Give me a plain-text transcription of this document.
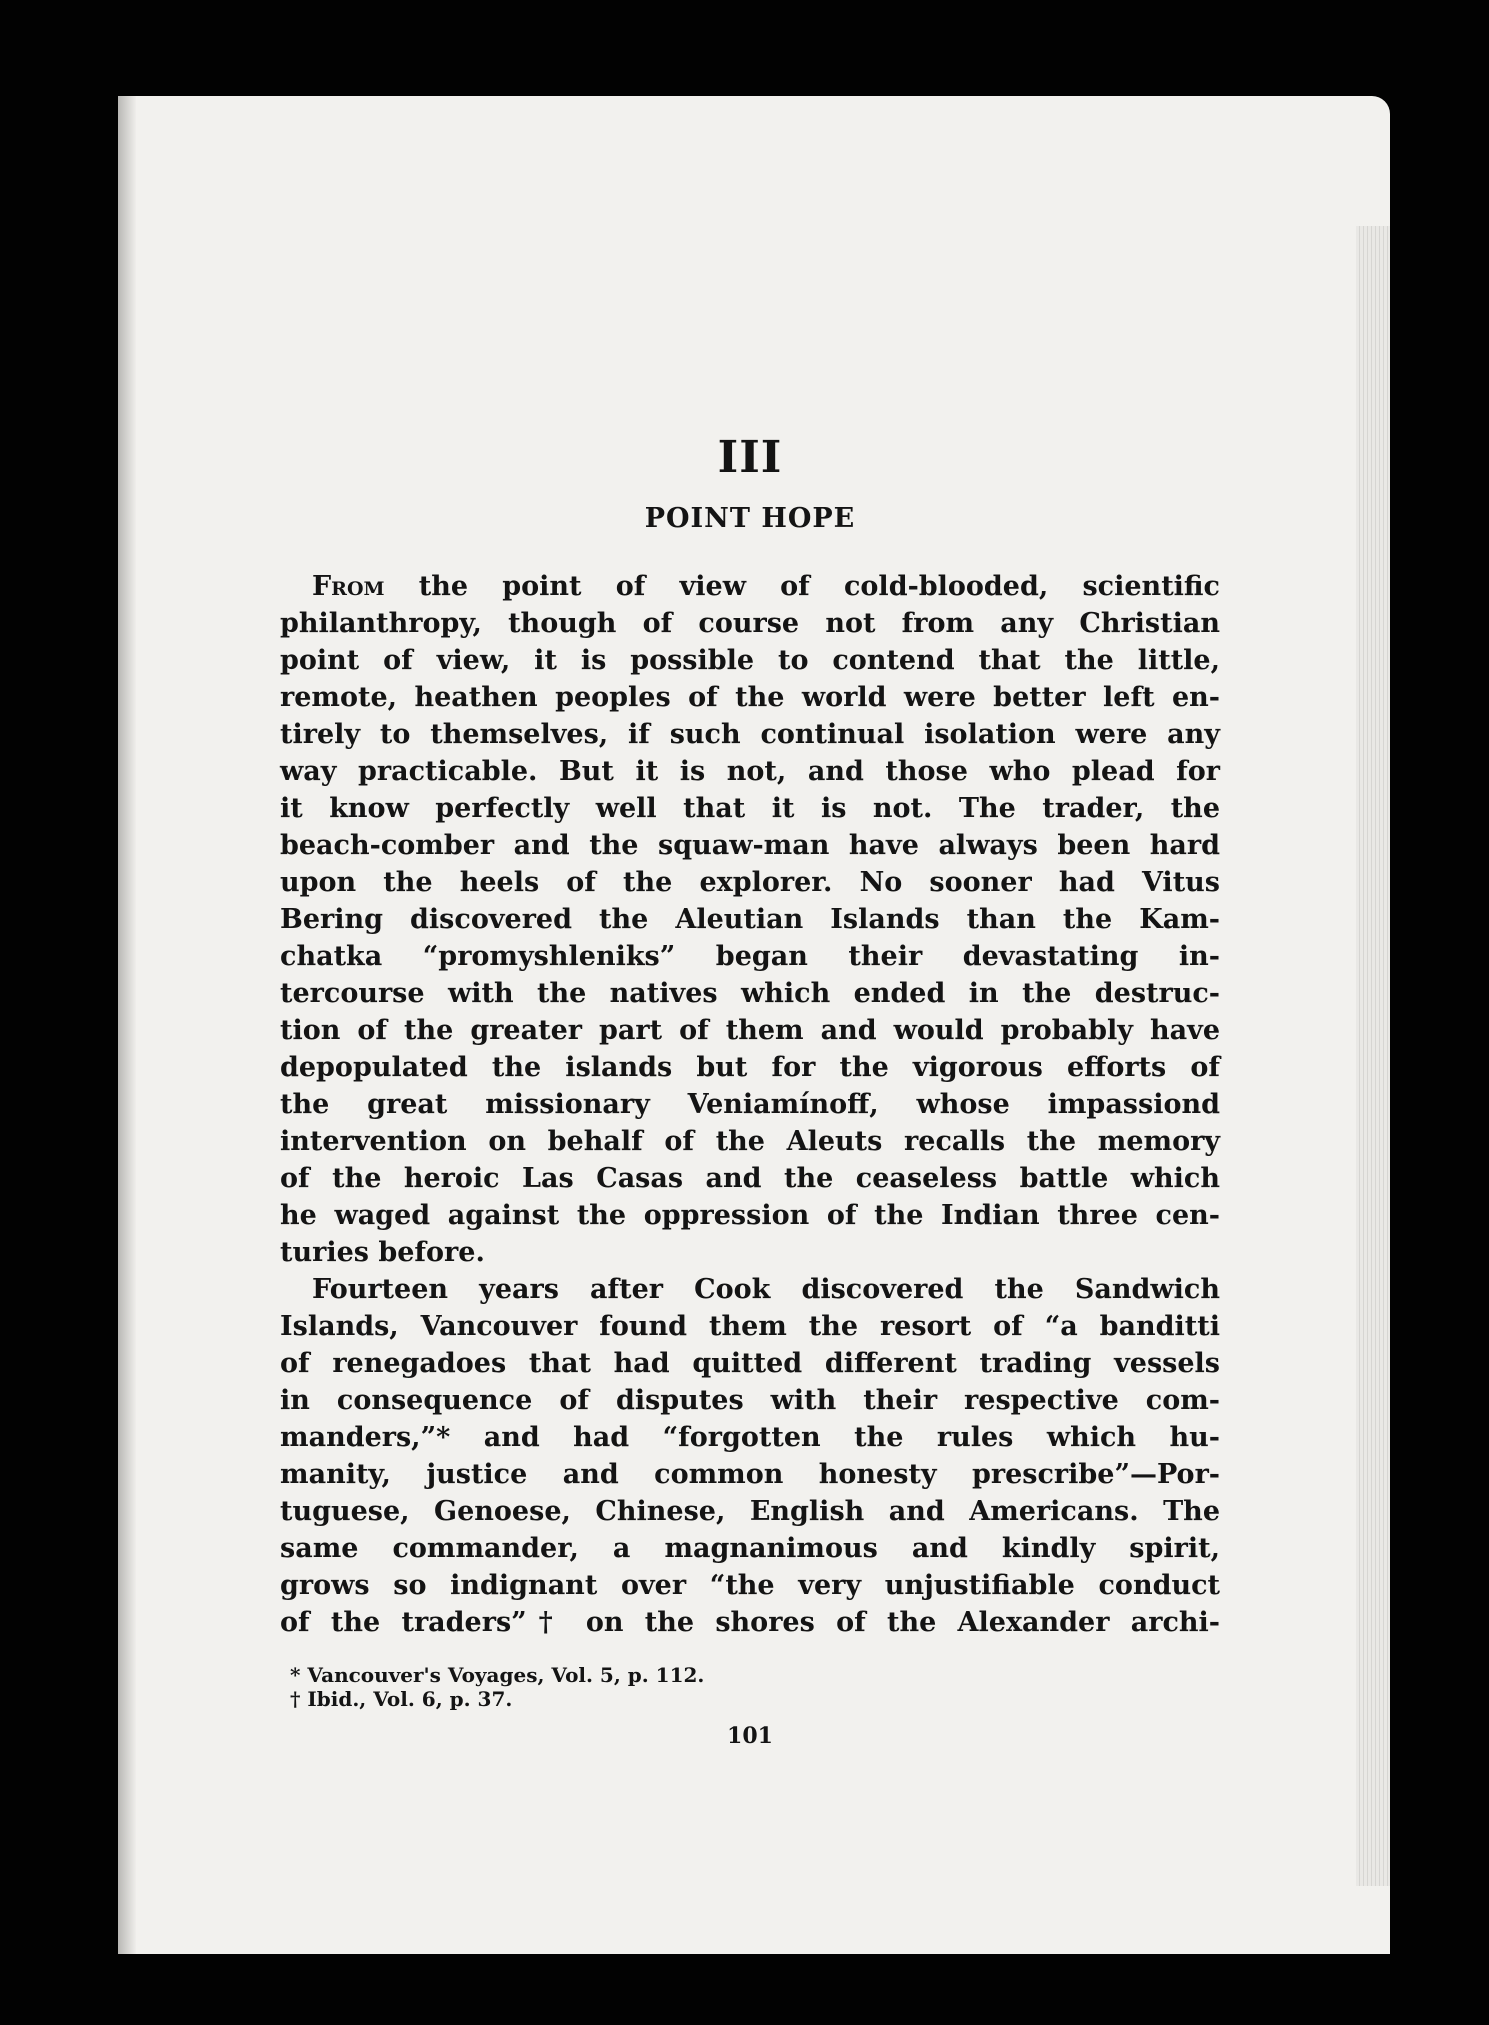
III
POINT HOPE
From the point of view of cold-blooded, scientific
philanthropy, though of course not from any Christian
point of view, it is possible to contend that the little,
remote, heathen peoples of the world were better left en-
tirely to themselves, if such continual isolation were any
way practicable. But it is not, and those who plead for
it know perfectly well that it is not. The trader, the
beach-comber and the squaw-man have always been hard
upon the heels of the explorer. No sooner had Vitus
Bering discovered the Aleutian Islands than the Kam-
chatka “promyshleniks” began their devastating in-
tercourse with the natives which ended in the destruc-
tion of the greater part of them and would probably have
depopulated the islands but for the vigorous efforts of
the great missionary Veniamínoff, whose impassiond
intervention on behalf of the Aleuts recalls the memory
of the heroic Las Casas and the ceaseless battle which
he waged against the oppression of the Indian three cen-
turies before.
Fourteen years after Cook discovered the Sandwich
Islands, Vancouver found them the resort of “a banditti
of renegadoes that had quitted different trading vessels
in consequence of disputes with their respective com-
manders,”* and had “forgotten the rules which hu-
manity, justice and common honesty prescribe”—Por-
tuguese, Genoese, Chinese, English and Americans. The
same commander, a magnanimous and kindly spirit,
grows so indignant over “the very unjustifiable conduct
of the traders”† on the shores of the Alexander archi-
* Vancouver's Voyages, Vol. 5, p. 112.
† Ibid., Vol. 6, p. 37.
101
